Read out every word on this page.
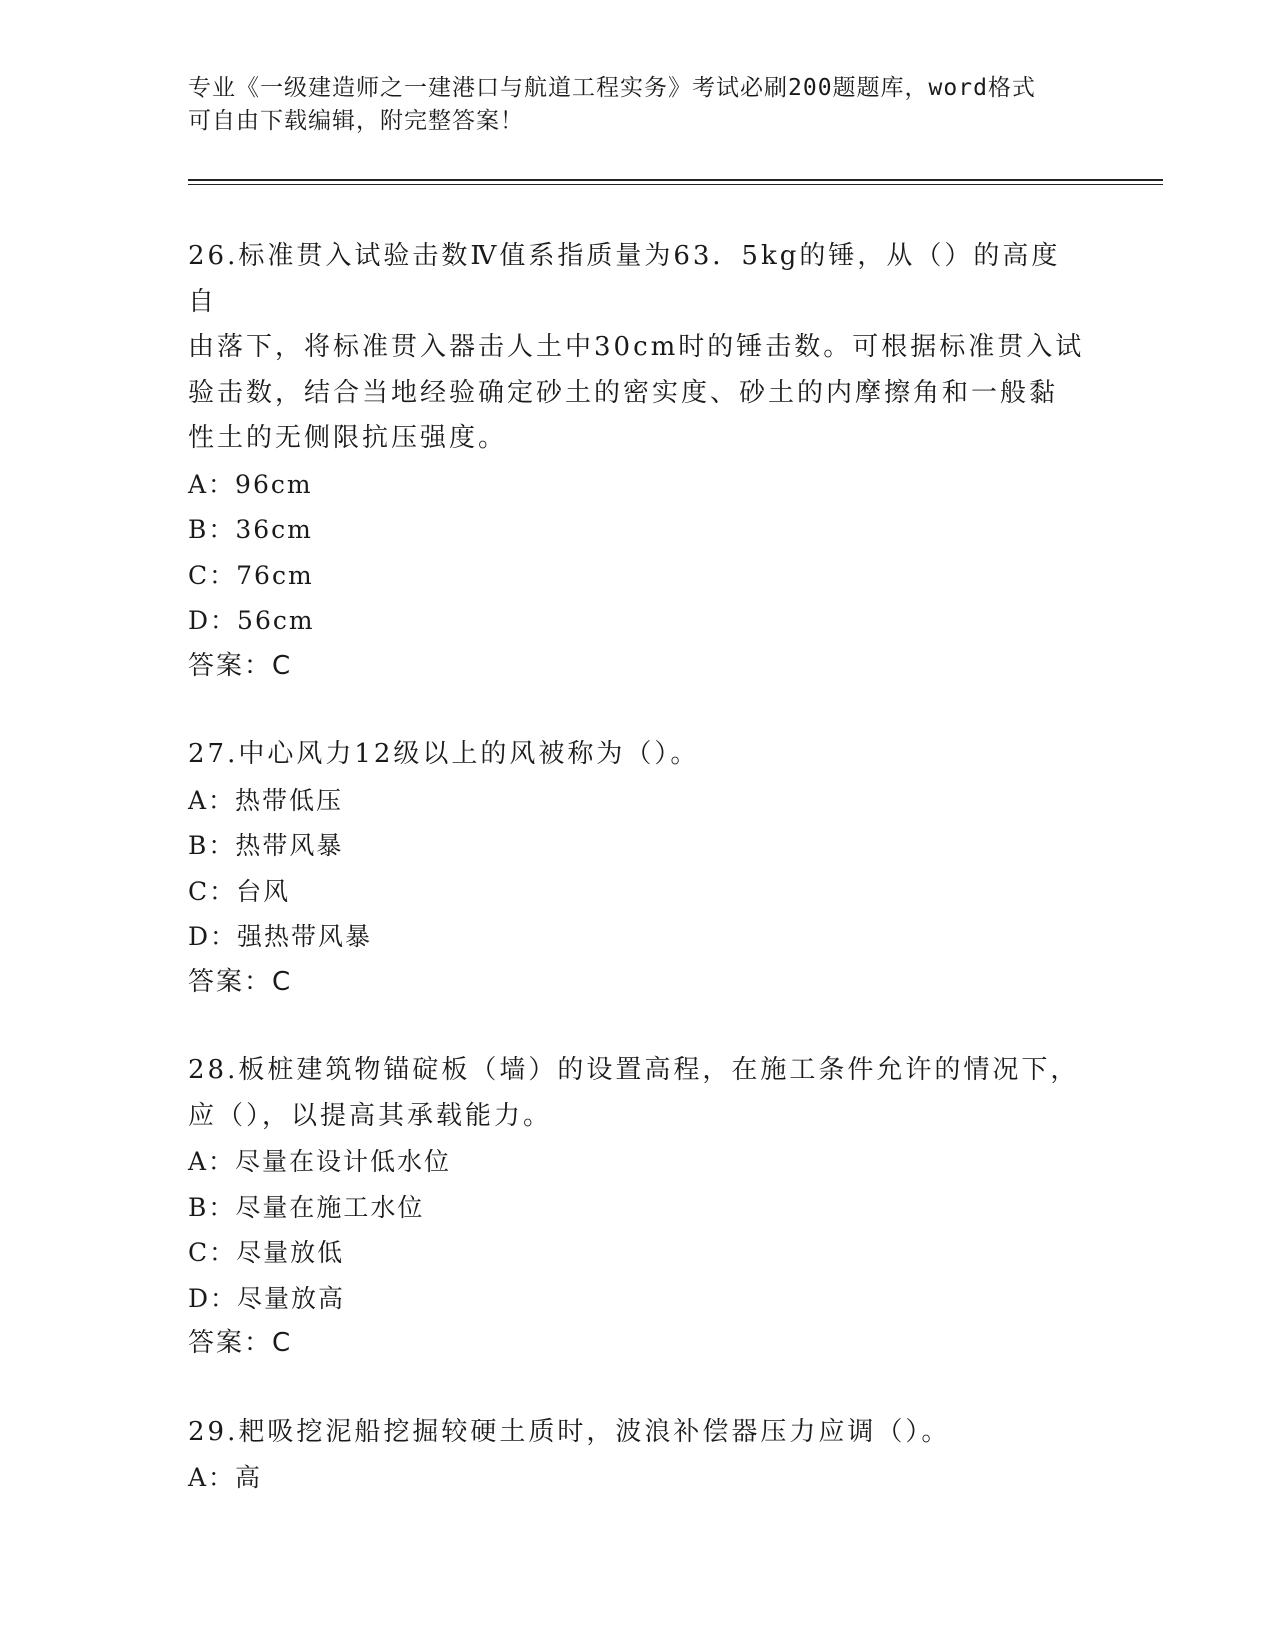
专业《一级建造师之一建港口与航道工程实务》考试必刷200题题库，word格式
可自由下载编辑，附完整答案！

26.标准贯入试验击数Ⅳ值系指质量为63．5kg的锤，从（）的高度自

由落下，将标准贯入器击人土中30cm时的锤击数。可根据标准贯入试

验击数，结合当地经验确定砂土的密实度、砂土的内摩擦角和一般黏

性土的无侧限抗压强度。

A：96cm

B：36cm

C：76cm

D：56cm

答案：C

27.中心风力12级以上的风被称为（）。

A：热带低压

B：热带风暴

C：台风

D：强热带风暴

答案：C

28.板桩建筑物锚碇板（墙）的设置高程，在施工条件允许的情况下，

应（），以提高其承载能力。

A：尽量在设计低水位

B：尽量在施工水位

C：尽量放低

D：尽量放高

答案：C

29.耙吸挖泥船挖掘较硬土质时，波浪补偿器压力应调（）。

A：高
